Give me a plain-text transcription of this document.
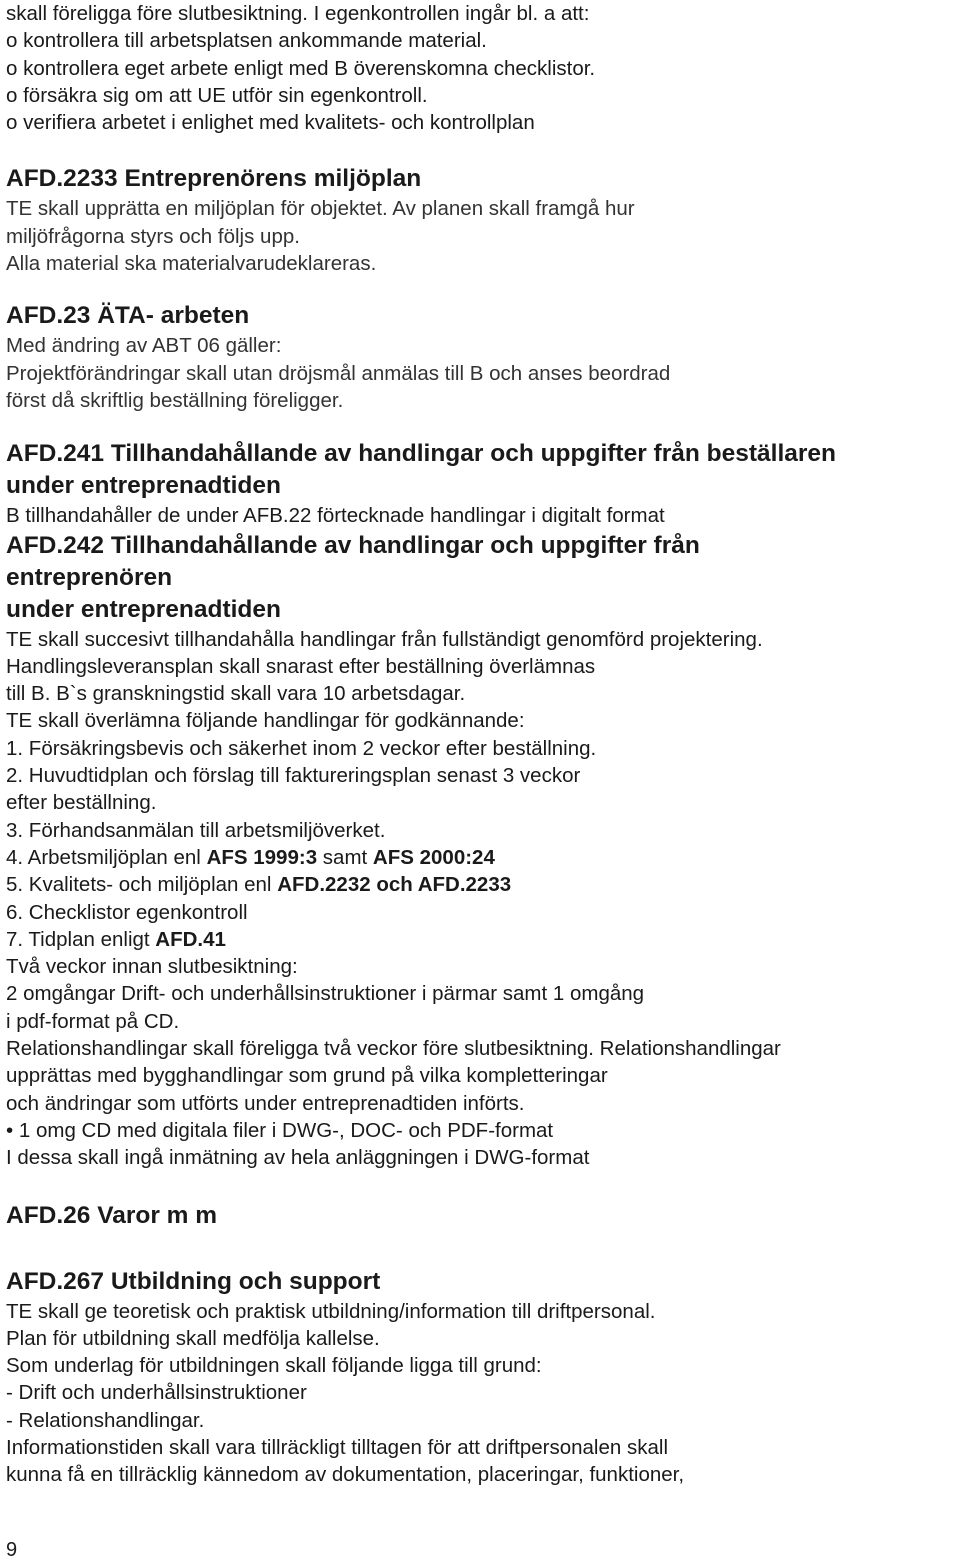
skall föreligga före slutbesiktning. I egenkontrollen ingår bl. a att:
o kontrollera till arbetsplatsen ankommande material.
o kontrollera eget arbete enligt med B överenskomna checklistor.
o försäkra sig om att UE utför sin egenkontroll.
o verifiera arbetet i enlighet med kvalitets- och kontrollplan
AFD.2233 Entreprenörens miljöplan
TE skall upprätta en miljöplan för objektet. Av planen skall framgå hur
miljöfrågorna styrs och följs upp.
Alla material ska materialvarudeklareras.
AFD.23 ÄTA- arbeten
Med ändring av ABT 06 gäller:
Projektförändringar skall utan dröjsmål anmälas till B och anses beordrad
först då skriftlig beställning föreligger.
AFD.241 Tillhandahållande av handlingar och uppgifter från beställaren
under entreprenadtiden
B tillhandahåller de under AFB.22 förtecknade handlingar i digitalt format
AFD.242 Tillhandahållande av handlingar och uppgifter från
entreprenören
under entreprenadtiden
TE skall succesivt tillhandahålla handlingar från fullständigt genomförd projektering.
Handlingsleveransplan skall snarast efter beställning överlämnas
till B. B`s granskningstid skall vara 10 arbetsdagar.
TE skall överlämna följande handlingar för godkännande:
1. Försäkringsbevis och säkerhet inom 2 veckor efter beställning.
2. Huvudtidplan och förslag till faktureringsplan senast 3 veckor
efter beställning.
3. Förhandsanmälan till arbetsmiljöverket.
4. Arbetsmiljöplan enl AFS 1999:3 samt AFS 2000:24
5. Kvalitets- och miljöplan enl AFD.2232 och AFD.2233
6. Checklistor egenkontroll
7. Tidplan enligt AFD.41
Två veckor innan slutbesiktning:
2 omgångar Drift- och underhållsinstruktioner i pärmar samt 1 omgång
i pdf-format på CD.
Relationshandlingar skall föreligga två veckor före slutbesiktning. Relationshandlingar
upprättas med bygghandlingar som grund på vilka kompletteringar
och ändringar som utförts under entreprenadtiden införts.
• 1 omg CD med digitala filer i DWG-, DOC- och PDF-format
I dessa skall ingå inmätning av hela anläggningen i DWG-format
AFD.26 Varor m m
AFD.267 Utbildning och support
TE skall ge teoretisk och praktisk utbildning/information till driftpersonal.
Plan för utbildning skall medfölja kallelse.
Som underlag för utbildningen skall följande ligga till grund:
- Drift och underhållsinstruktioner
- Relationshandlingar.
Informationstiden skall vara tillräckligt tilltagen för att driftpersonalen skall
kunna få en tillräcklig kännedom av dokumentation, placeringar, funktioner,
9
